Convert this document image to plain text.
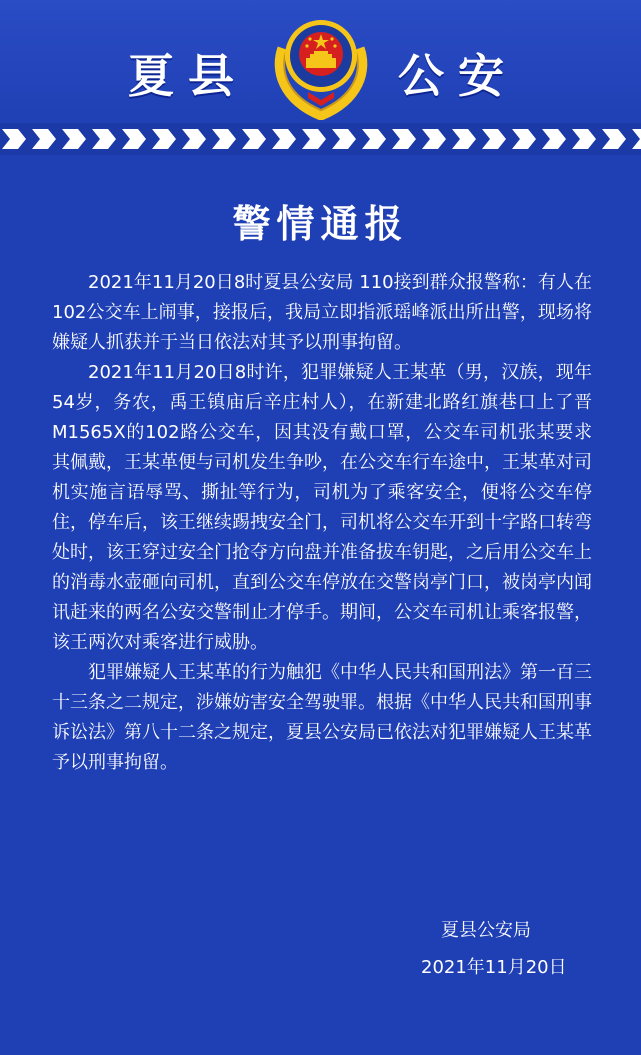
夏县	公安
警情通报

2021年11月20日8时夏县公安局 110接到群众报警称：有人在102公交车上闹事，接报后，我局立即指派瑶峰派出所出警，现场将嫌疑人抓获并于当日依法对其予以刑事拘留。

2021年11月20日8时许，犯罪嫌疑人王某革（男，汉族，现年54岁，务农，禹王镇庙后辛庄村人），在新建北路红旗巷口上了晋M1565X的102路公交车，因其没有戴口罩，公交车司机张某要求其佩戴，王某革便与司机发生争吵，在公交车行车途中，王某革对司机实施言语辱骂、撕扯等行为，司机为了乘客安全，便将公交车停住，停车后，该王继续踢拽安全门，司机将公交车开到十字路口转弯处时，该王穿过安全门抢夺方向盘并准备拔车钥匙，之后用公交车上的消毒水壶砸向司机，直到公交车停放在交警岗亭门口，被岗亭内闻讯赶来的两名公安交警制止才停手。期间，公交车司机让乘客报警，该王两次对乘客进行威胁。

犯罪嫌疑人王某革的行为触犯《中华人民共和国刑法》第一百三十三条之二规定，涉嫌妨害安全驾驶罪。根据《中华人民共和国刑事诉讼法》第八十二条之规定，夏县公安局已依法对犯罪嫌疑人王某革予以刑事拘留。

夏县公安局
2021年11月20日
